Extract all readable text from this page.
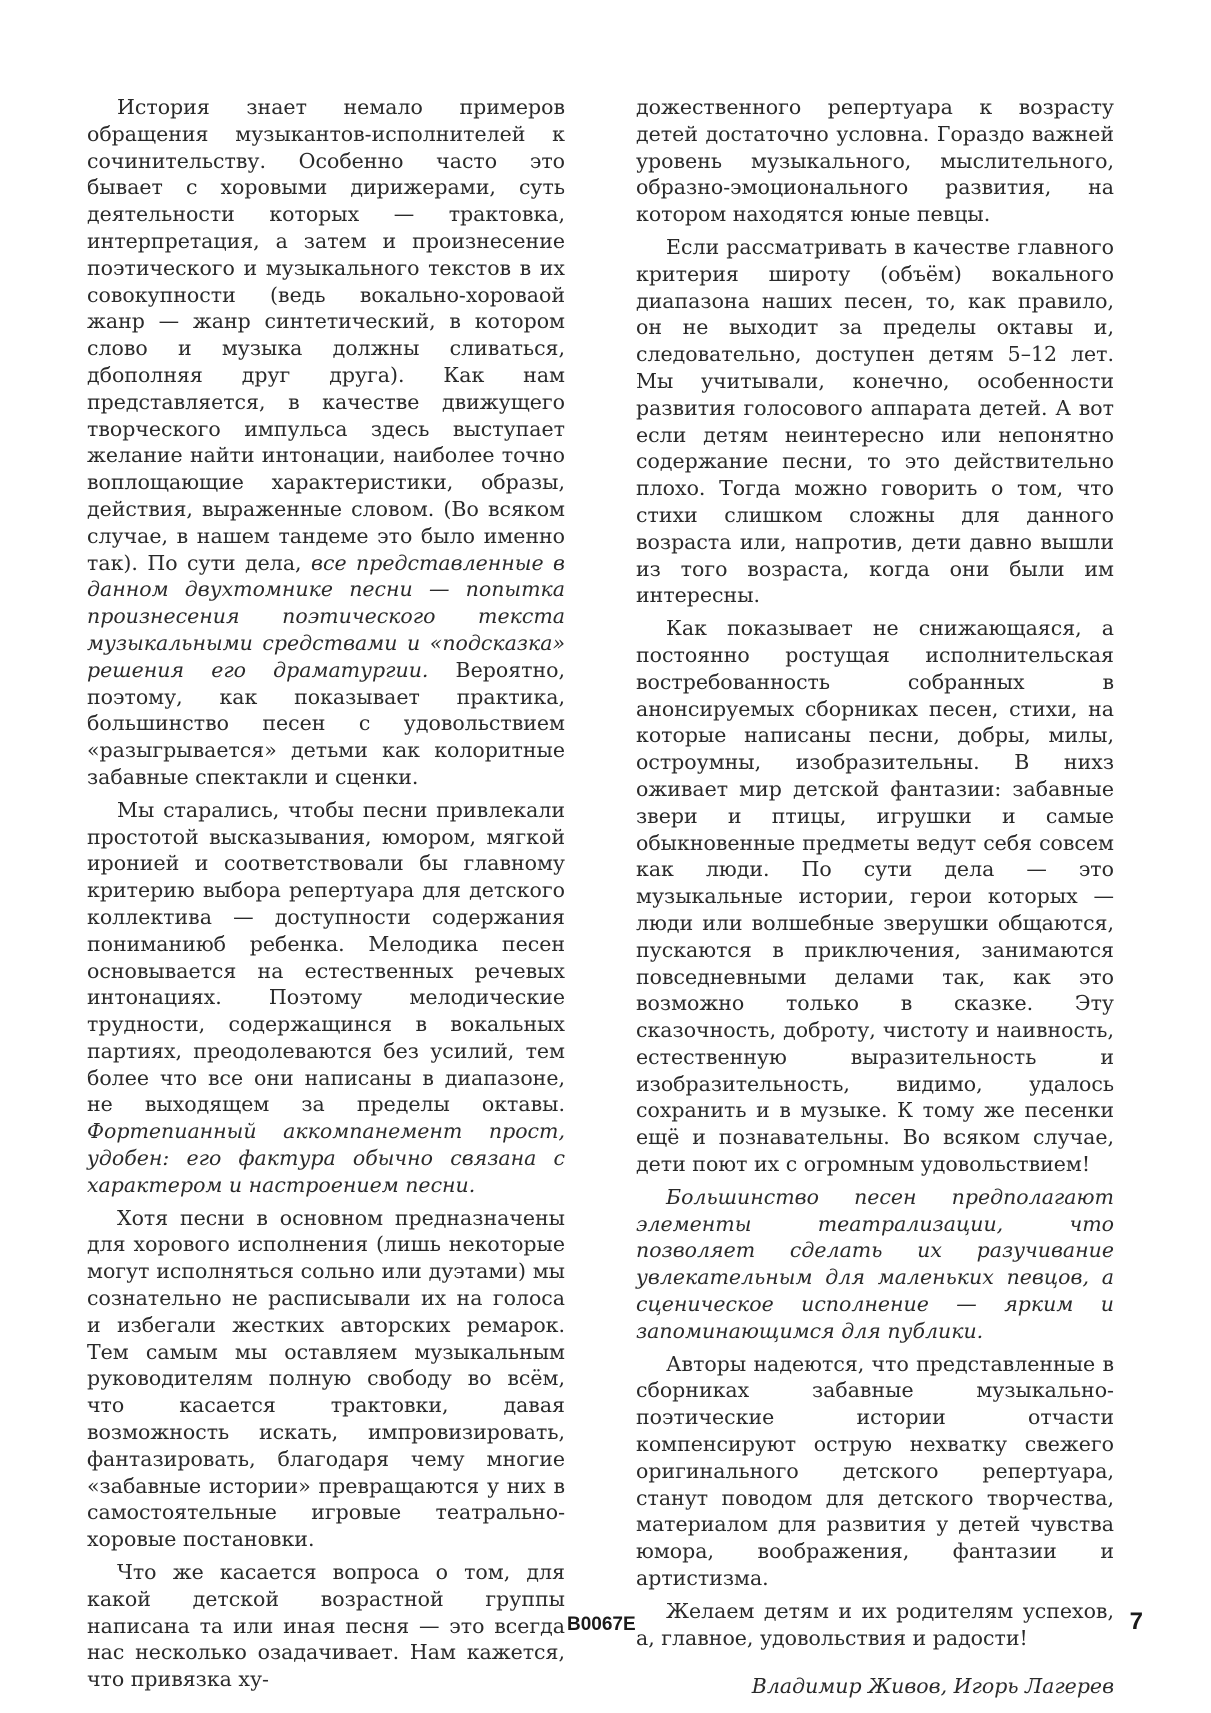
История знает немало примеров обращения музыкантов-исполнителей к сочинительству. Особенно часто это бывает с хоровыми дирижерами, суть деятельности которых — трактовка, интерпретация, а затем и произнесение поэтического и музыкального текстов в их совокупности (ведь вокально-хоровaой жанр — жанр синтетический, в котором слово и музыка должны сливаться, дбополняя друг друга). Как нам представляется, в качестве движущего творческого импульса здесь выступает желание найти интонации, наиболее точно воплощающие характеристики, образы, действия, выраженные словом. (Во всяком случае, в нашем тандеме это было именно так). По сути дела, все представленные в данном двухтомнике песни — попытка произнесения поэтического текста музыкальными средствами и «подсказка» решения его драматургии. Вероятно, поэтому, как показывает практика, большинство песен с удовольствием «разыгрывается» детьми как колоритные забавные спектакли и сценки.

Мы старались, чтобы песни привлекали простотой высказывания, юмором, мягкой иронией и соответствовали бы главному критерию выбора репертуара для детского коллектива — доступности содержания пониманиюб ребенка. Мелодика песен основывается на естественных речевых интонациях. Поэтому мелодические трудности, содержащинся в вокальных партиях, преодолеваются без усилий, тем более что все они написаны в диапазоне, не выходящем за пределы октавы. Фортепианный аккомпанемент прост, удобен: его фактура обычно связана с характером и настроением песни.

Хотя песни в основном предназначены для хорового исполнения (лишь некоторые могут исполняться сольно или дуэтами) мы сознательно не расписывали их на голоса и избегали жестких авторских ремарок. Тем самым мы оставляем музыкальным руководителям полную свободу во всём, что касается трактовки, давая возможность искать, импровизировать, фантазировать, благодаря чему многие «забавные истории» превращаются у них в самостоятельные игровые театрально-хоровые постановки.

Что же касается вопроса о том, для какой детской возрастной группы написана та или иная песня — это всегда нас несколько озадачивает. Нам кажется, что привязка ху-

дожественного репертуара к возрасту детей достаточно условна. Гораздо важней уровень музыкального, мыслительного, образно-эмоционального развития, на котором находятся юные певцы.

Если рассматривать в качестве главного критерия широту (объём) вокального диапазона наших песен, то, как правило, он не выходит за пределы октавы и, следовательно, доступен детям 5–12 лет. Мы учитывали, конечно, особенности развития голосового аппарата детей. А вот если детям неинтересно или непонятно содержание песни, то это действительно плохо. Тогда можно говорить о том, что стихи слишком сложны для данного возраста или, напротив, дети давно вышли из того возраста, когда они были им интересны.

Как показывает не снижающаяся, а постоянно ростущая исполнительская востребованность собранных в анонсируемых сборниках песен, стихи, на которые написаны песни, добры, милы, остроумны, изобразительны. В нихз оживает мир детской фантазии: забавные звери и птицы, игрушки и самые обыкновенные предметы ведут себя совсем как люди. По сути дела — это музыкальные истории, герои которых — люди или волшебные зверушки общаются, пускаются в приключения, занимаются повседневными делами так, как это возможно только в сказке. Эту сказочность, доброту, чистоту и наивность, естественную выразительность и изобразительность, видимо, удалось сохранить и в музыке. К тому же песенки ещё и познавательны. Во всяком случае, дети поют их с огромным удовольствием!

Большинство песен предполагают элементы театрализации, что позволяет сделать их разучивание увлекательным для маленьких певцов, а сценическое исполнение — ярким и запоминающимся для публики.

Авторы надеются, что представленные в сборниках забавные музыкально-поэтические истории отчасти компенсируют острую нехватку свежего оригинального детского репертуара, станут поводом для детского творчества, материалом для развития у детей чувства юмора, воображения, фантазии и артистизма.

Желаем детям и их родителям успехов, а, главное, удовольствия и радости!

Владимир Живов, Игорь Лагерев

В0067Е	7
